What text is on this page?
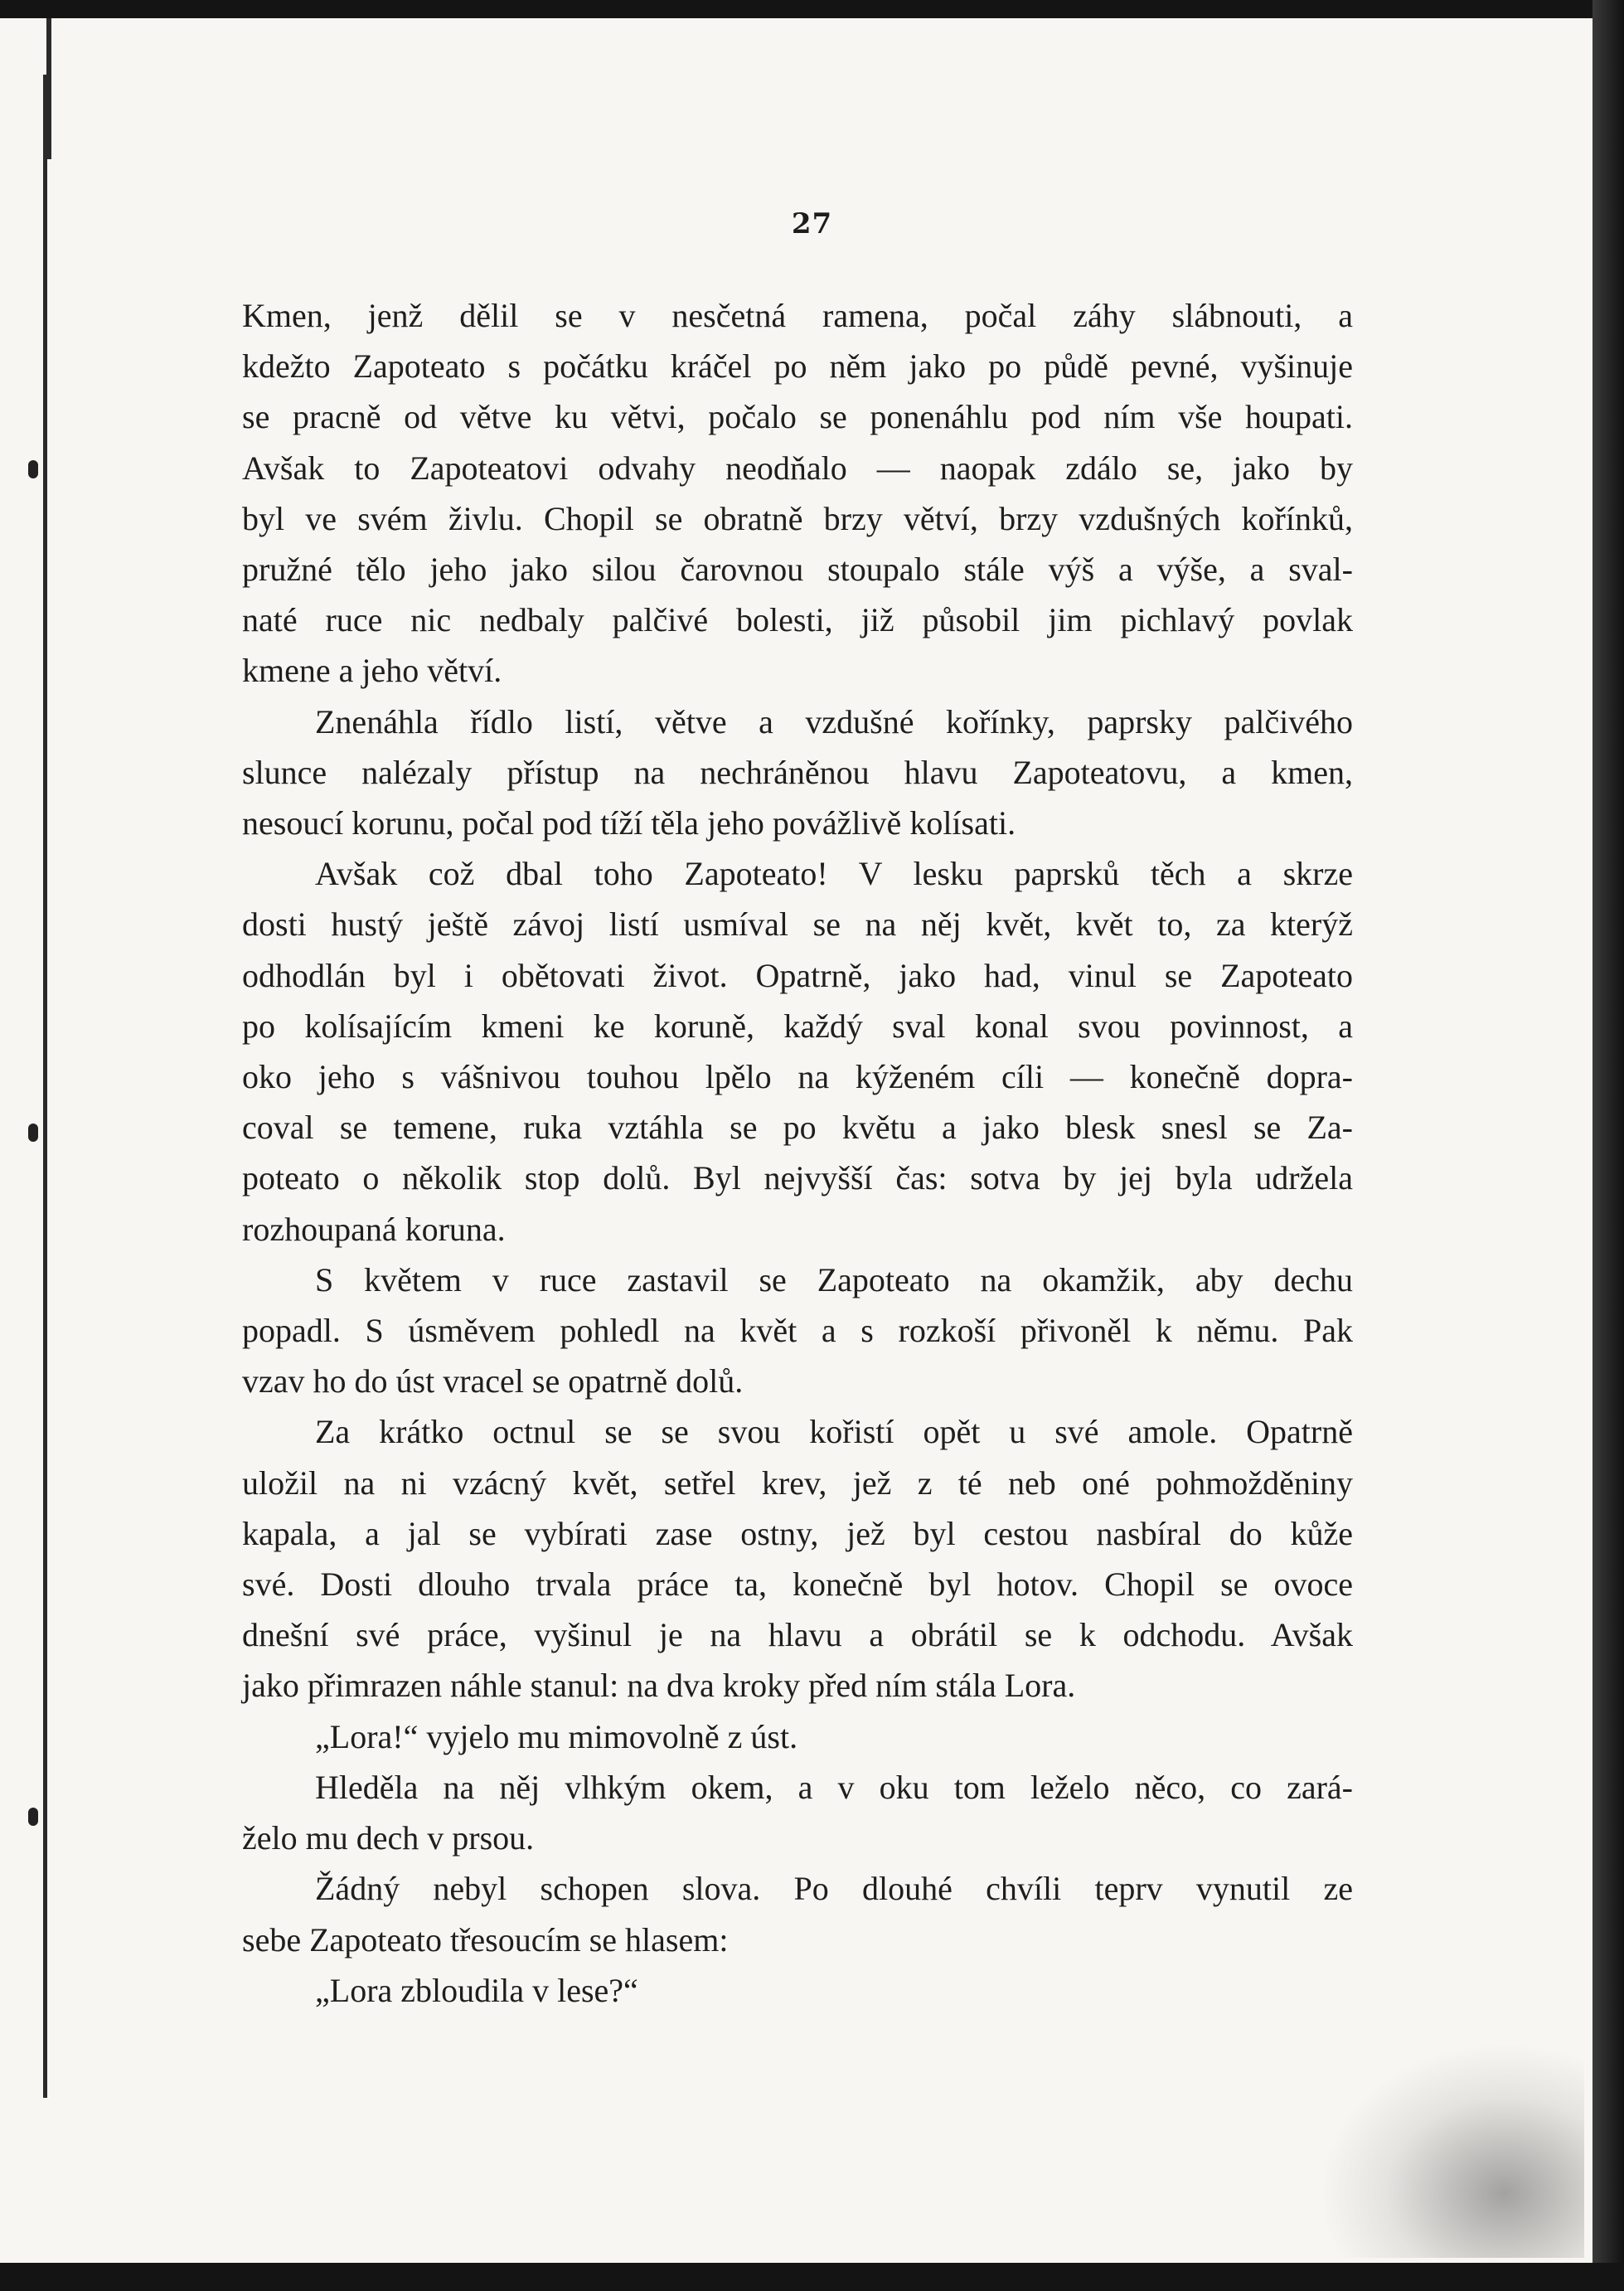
27
Kmen, jenž dělil se v nesčetná ramena, počal záhy slábnouti, a
kdežto Zapoteato s počátku kráčel po něm jako po půdě pevné, vyšinuje
se pracně od větve ku větvi, počalo se ponenáhlu pod ním vše houpati.
Avšak to Zapoteatovi odvahy neodňalo — naopak zdálo se, jako by
byl ve svém živlu. Chopil se obratně brzy větví, brzy vzdušných kořínků,
pružné tělo jeho jako silou čarovnou stoupalo stále výš a výše, a sval-
naté ruce nic nedbaly palčivé bolesti, již působil jim pichlavý povlak
kmene a jeho větví.
Znenáhla řídlo listí, větve a vzdušné kořínky, paprsky palčivého
slunce nalézaly přístup na nechráněnou hlavu Zapoteatovu, a kmen,
nesoucí korunu, počal pod tíží těla jeho povážlivě kolísati.
Avšak což dbal toho Zapoteato! V lesku paprsků těch a skrze
dosti hustý ještě závoj listí usmíval se na něj květ, květ to, za kterýž
odhodlán byl i obětovati život. Opatrně, jako had, vinul se Zapoteato
po kolísajícím kmeni ke koruně, každý sval konal svou povinnost, a
oko jeho s vášnivou touhou lpělo na kýženém cíli — konečně dopra-
coval se temene, ruka vztáhla se po květu a jako blesk snesl se Za-
poteato o několik stop dolů. Byl nejvyšší čas: sotva by jej byla udržela
rozhoupaná koruna.
S květem v ruce zastavil se Zapoteato na okamžik, aby dechu
popadl. S úsměvem pohledl na květ a s rozkoší přivoněl k němu. Pak
vzav ho do úst vracel se opatrně dolů.
Za krátko octnul se se svou kořistí opět u své amole. Opatrně
uložil na ni vzácný květ, setřel krev, jež z té neb oné pohmožděniny
kapala, a jal se vybírati zase ostny, jež byl cestou nasbíral do kůže
své. Dosti dlouho trvala práce ta, konečně byl hotov. Chopil se ovoce
dnešní své práce, vyšinul je na hlavu a obrátil se k odchodu. Avšak
jako přimrazen náhle stanul: na dva kroky před ním stála Lora.
„Lora!“ vyjelo mu mimovolně z úst.
Hleděla na něj vlhkým okem, a v oku tom leželo něco, co zará-
želo mu dech v prsou.
Žádný nebyl schopen slova. Po dlouhé chvíli teprv vynutil ze
sebe Zapoteato třesoucím se hlasem:
„Lora zbloudila v lese?“
